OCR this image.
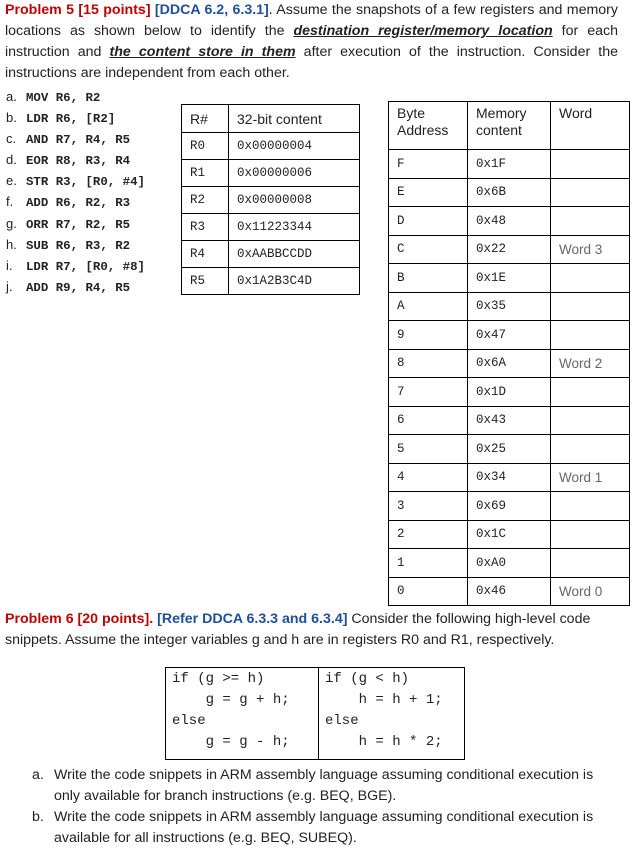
Problem 5 [15 points] [DDCA 6.2, 6.3.1]. Assume the snapshots of a few registers and memory locations as shown below to identify the destination register/memory location for each instruction and the content store in them after execution of the instruction. Consider the instructions are independent from each other.
a. MOV R6, R2
b. LDR R6, [R2]
c. AND R7, R4, R5
d. EOR R8, R3, R4
e. STR R3, [R0, #4]
f. ADD R6, R2, R3
g. ORR R7, R2, R5
h. SUB R6, R3, R2
i. LDR R7, [R0, #8]
j. ADD R9, R4, R5
R#	32-bit content
R0	0x00000004
R1	0x00000006
R2	0x00000008
R3	0x11223344
R4	0xAABBCCDD
R5	0x1A2B3C4D
Byte
Address	Memory
content	Word
F	0x1F	
E	0x6B	
D	0x48	
C	0x22	Word 3
B	0x1E	
A	0x35	
9	0x47	
8	0x6A	Word 2
7	0x1D	
6	0x43	
5	0x25	
4	0x34	Word 1
3	0x69	
2	0x1C	
1	0xA0	
0	0x46	Word 0
Problem 6 [20 points]. [Refer DDCA 6.3.3 and 6.3.4] Consider the following high-level code snippets. Assume the integer variables g and h are in registers R0 and R1, respectively.
if (g >= h)
g = g + h;
else
g = g - h;	if (g < h)
h = h + 1;
else
h = h * 2;
a. Write the code snippets in ARM assembly language assuming conditional execution is only available for branch instructions (e.g. BEQ, BGE).
b. Write the code snippets in ARM assembly language assuming conditional execution is available for all instructions (e.g. BEQ, SUBEQ).
